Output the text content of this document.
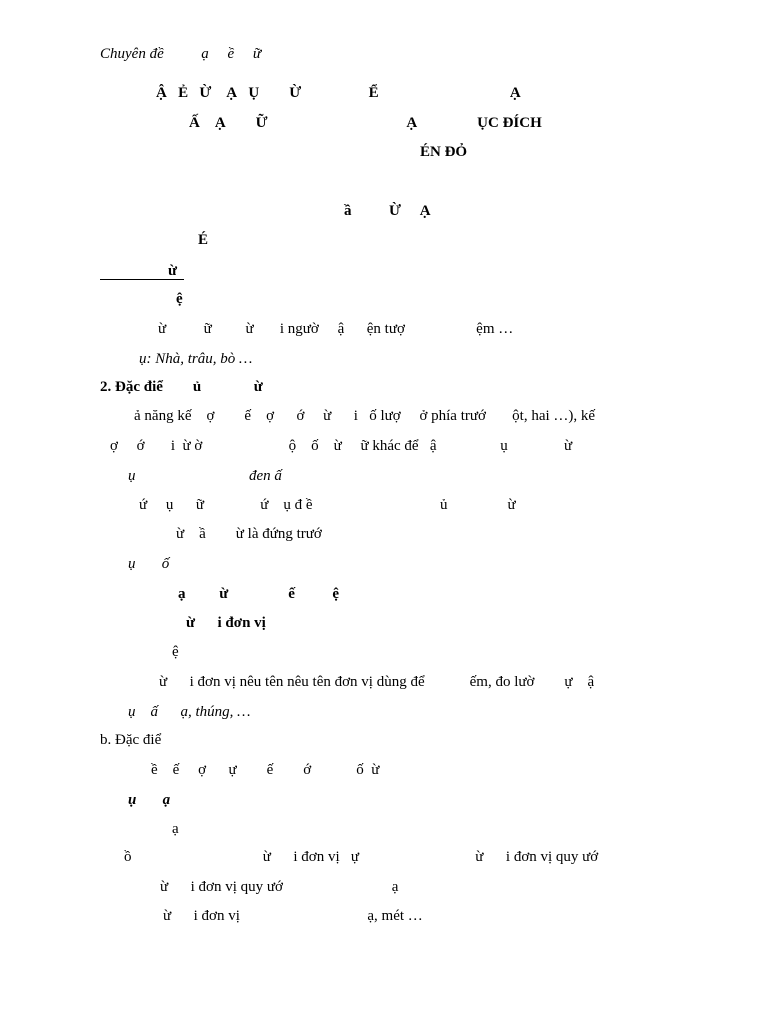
Chuyên đề          ạ     ề     ữ
Ậ   Ẻ   Ừ    Ạ   Ụ        Ừ                  Ể                                   Ạ
Ấ    Ạ        Ữ                                     Ạ                ỤC ĐÍCH
ÉN ĐỎ
ầ          Ừ     Ạ
É
ừ
ệ
ừ          ữ         ừ       i ngườ     ậ      ện tượ                   ệm …
ụ: Nhà, trâu, bò …
2. Đặc điể        ủ              ừ
ả năng kế    ợ        ế    ợ      ớ     ừ      i   ố lượ     ở phía trướ       ột, hai …), kế
ợ     ớ       i  ừ ờ                       ộ    ố    ừ     ữ khác để   ậ                 ụ               ừ
ụ	đen ấ
ứ     ụ      ữ               ứ    ụ đ ề                                  ủ                ừ
ừ    ầ        ừ là đứng trướ
ụ       ố
ạ         ừ                ế          ệ
ừ      i đơn vị
ệ
ừ      i đơn vị nêu tên nêu tên đơn vị dùng để            ếm, đo lườ        ự    ậ
ụ    ấ      ạ, thúng, …
b. Đặc điể
ề    ế     ợ      ự        ế        ớ            ố  ừ
ụ       ạ
ạ
ồ                                   ừ      i đơn vị   ự                               ừ      i đơn vị quy ướ
ừ      i đơn vị quy ướ                             ạ
ừ      i đơn vị                                  ạ, mét …
